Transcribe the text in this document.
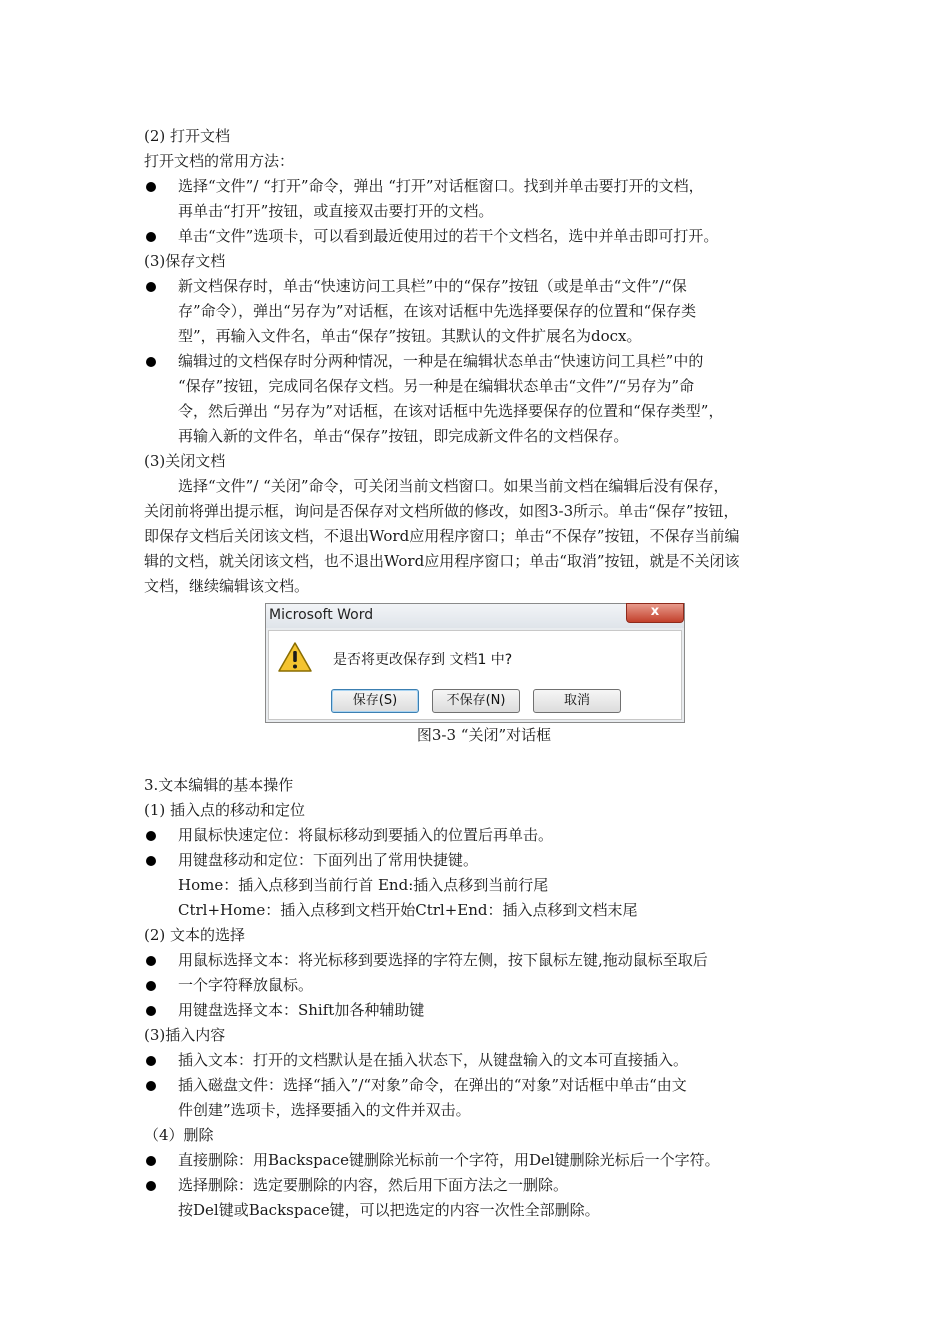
(2) 打开文档
打开文档的常用方法：
选择“文件”/ “打开”命令，弹出 “打开”对话框窗口。找到并单击要打开的文档，
再单击“打开”按钮，或直接双击要打开的文档。
单击“文件”选项卡，可以看到最近使用过的若干个文档名，选中并单击即可打开。
(3)保存文档
新文档保存时，单击“快速访问工具栏”中的“保存”按钮（或是单击“文件”/“保
存”命令），弹出“另存为”对话框，在该对话框中先选择要保存的位置和“保存类
型”，再输入文件名，单击“保存”按钮。其默认的文件扩展名为docx。
编辑过的文档保存时分两种情况，一种是在编辑状态单击“快速访问工具栏”中的
“保存”按钮，完成同名保存文档。另一种是在编辑状态单击“文件”/“另存为”命
令，然后弹出 “另存为”对话框，在该对话框中先选择要保存的位置和“保存类型”，
再输入新的文件名，单击“保存”按钮，即完成新文件名的文档保存。
(3)关闭文档
选择“文件”/ “关闭”命令，可关闭当前文档窗口。如果当前文档在编辑后没有保存，
关闭前将弹出提示框，询问是否保存对文档所做的修改，如图3-3所示。单击“保存”按钮，
即保存文档后关闭该文档，不退出Word应用程序窗口；单击“不保存”按钮，不保存当前编
辑的文档，就关闭该文档，也不退出Word应用程序窗口；单击“取消”按钮，就是不关闭该
文档，继续编辑该文档。
Microsoft Word	x
是否将更改保存到 文档1 中?
保存(S)	不保存(N)	取消
图3-3 “关闭”对话框
3.文本编辑的基本操作
(1) 插入点的移动和定位
用鼠标快速定位：将鼠标移动到要插入的位置后再单击。
用键盘移动和定位：下面列出了常用快捷键。
Home：插入点移到当前行首 End:插入点移到当前行尾
Ctrl+Home：插入点移到文档开始Ctrl+End：插入点移到文档末尾
(2) 文本的选择
用鼠标选择文本：将光标移到要选择的字符左侧，按下鼠标左键,拖动鼠标至取后
一个字符释放鼠标。
用键盘选择文本：Shift加各种辅助键
(3)插入内容
插入文本：打开的文档默认是在插入状态下，从键盘输入的文本可直接插入。
插入磁盘文件：选择“插入”/“对象”命令，在弹出的“对象”对话框中单击“由文
件创建”选项卡，选择要插入的文件并双击。
（4）删除
直接删除：用Backspace键删除光标前一个字符，用Del键删除光标后一个字符。
选择删除：选定要删除的内容，然后用下面方法之一删除。
按Del键或Backspace键，可以把选定的内容一次性全部删除。
